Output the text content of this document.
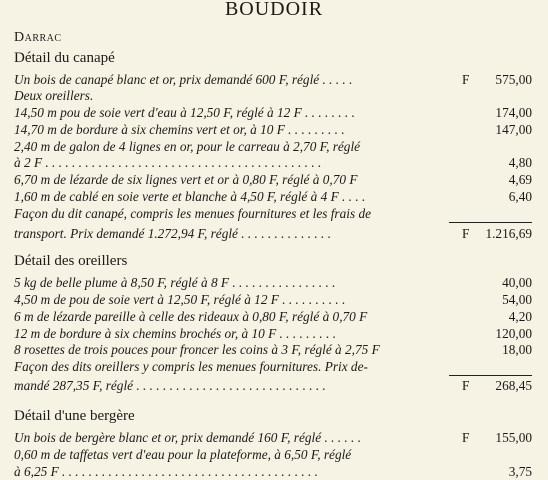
BOUDOIR
Darrac
Détail du canapé
Un bois de canapé blanc et or, prix demandé 600 F, réglé . . . . .	F 575,00
Deux oreillers.
14,50 m pou de soie vert d'eau à 12,50 F, réglé à 12 F . . . . . . . .	174,00
14,70 m de bordure à six chemins vert et or, à 10 F . . . . . . . . .	147,00
2,40 m de galon de 4 lignes en or, pour le carreau à 2,70 F, réglé
à 2 F . . . . . . . . . . . . . . . . . . . . . . . . . . . . . . . . . . . . . . . . . .	4,80
6,70 m de lézarde de six lignes vert et or à 0,80 F, réglé à 0,70 F	4,69
1,60 m de cablé en soie verte et blanche à 4,50 F, réglé à 4 F . . . .	6,40
Façon du dit canapé, compris les menues fournitures et les frais de
transport. Prix demandé 1.272,94 F, réglé . . . . . . . . . . . . . .	F 1.216,69
Détail des oreillers
5 kg de belle plume à 8,50 F, réglé à 8 F . . . . . . . . . . . . . . . .	40,00
4,50 m de pou de soie vert à 12,50 F, réglé à 12 F . . . . . . . . . .	54,00
6 m de lézarde pareille à celle des rideaux à 0,80 F, réglé à 0,70 F	4,20
12 m de bordure à six chemins brochés or, à 10 F . . . . . . . . .	120,00
8 rosettes de trois pouces pour froncer les coins à 3 F, réglé à 2,75 F	18,00
Façon des dits oreillers y compris les menues fournitures. Prix de-
mandé 287,35 F, réglé . . . . . . . . . . . . . . . . . . . . . . . . . . . . .	F 268,45
Détail d'une bergère
Un bois de bergère blanc et or, prix demandé 160 F, réglé . . . . . .	F 155,00
0,60 m de taffetas vert d'eau pour la plateforme, à 6,50 F, réglé
à 6,25 F . . . . . . . . . . . . . . . . . . . . . . . . . . . . . . . . . . . . . . .	3,75
